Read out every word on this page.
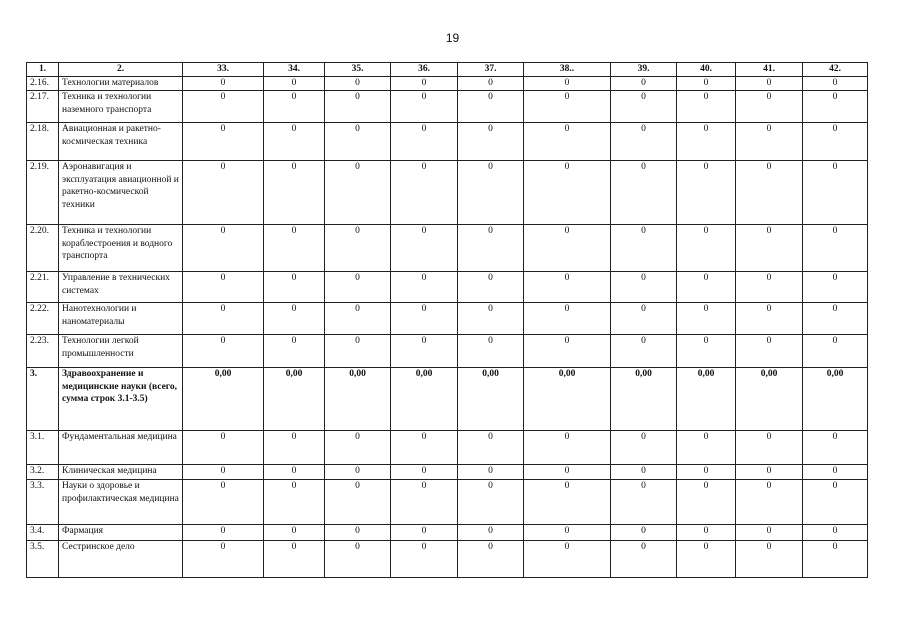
19
1.	2.	33.	34.	35.	36.	37.	38..	39.	40.	41.	42.
2.16.	Технологии материалов	0	0	0	0	0	0	0	0	0	0
2.17.	Техника и технологии наземного транспорта	0	0	0	0	0	0	0	0	0	0
2.18.	Авиационная и ракетно-космическая техника	0	0	0	0	0	0	0	0	0	0
2.19.	Аэронавигация и эксплуатация авиационной и ракетно-космической техники	0	0	0	0	0	0	0	0	0	0
2.20.	Техника и технологии кораблестроения и водного транспорта	0	0	0	0	0	0	0	0	0	0
2.21.	Управление в технических системах	0	0	0	0	0	0	0	0	0	0
2.22.	Нанотехнологии и наноматериалы	0	0	0	0	0	0	0	0	0	0
2.23.	Технологии легкой промышленности	0	0	0	0	0	0	0	0	0	0
3.	Здравоохранение и медицинские науки (всего, сумма строк 3.1-3.5)	0,00	0,00	0,00	0,00	0,00	0,00	0,00	0,00	0,00	0,00
3.1.	Фундаментальная медицина	0	0	0	0	0	0	0	0	0	0
3.2.	Клиническая медицина	0	0	0	0	0	0	0	0	0	0
3.3.	Науки о здоровье и профилактическая медицина	0	0	0	0	0	0	0	0	0	0
3.4.	Фармация	0	0	0	0	0	0	0	0	0	0
3.5.	Сестринское дело	0	0	0	0	0	0	0	0	0	0
